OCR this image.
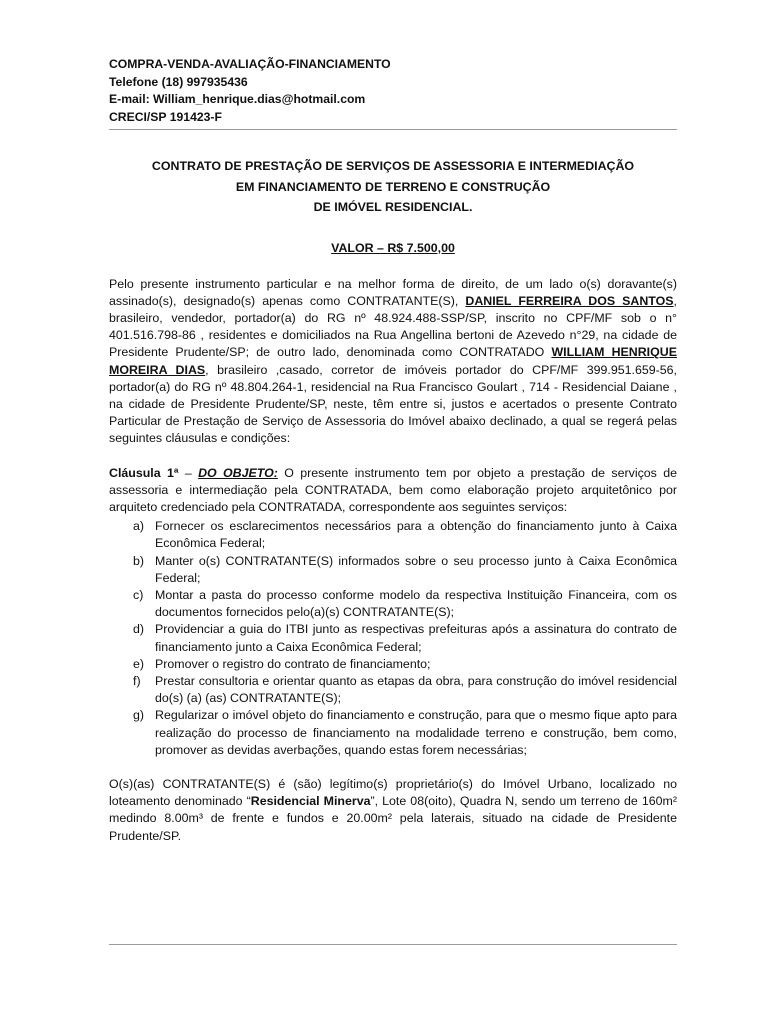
COMPRA-VENDA-AVALIAÇÃO-FINANCIAMENTO
Telefone (18) 997935436
E-mail: William_henrique.dias@hotmail.com
CRECI/SP 191423-F
CONTRATO DE PRESTAÇÃO DE SERVIÇOS DE ASSESSORIA E INTERMEDIAÇÃO
EM FINANCIAMENTO DE TERRENO E CONSTRUÇÃO
DE IMÓVEL RESIDENCIAL.
VALOR – R$ 7.500,00

Pelo presente instrumento particular e na melhor forma de direito, de um lado o(s) doravante(s) assinado(s), designado(s) apenas como CONTRATANTE(S), DANIEL FERREIRA DOS SANTOS, brasileiro, vendedor, portador(a) do RG nº 48.924.488-SSP/SP, inscrito no CPF/MF sob o n° 401.516.798-86 , residentes e domiciliados na Rua Angellina bertoni de Azevedo n°29, na cidade de Presidente Prudente/SP; de outro lado, denominada como CONTRATADO WILLIAM HENRIQUE MOREIRA DIAS, brasileiro ,casado, corretor de imóveis portador do CPF/MF 399.951.659-56, portador(a) do RG nº 48.804.264-1, residencial na Rua Francisco Goulart , 714 - Residencial Daiane , na cidade de Presidente Prudente/SP, neste, têm entre si, justos e acertados o presente Contrato Particular de Prestação de Serviço de Assessoria do Imóvel abaixo declinado, a qual se regerá pelas seguintes cláusulas e condições:

Cláusula 1ª – DO OBJETO: O presente instrumento tem por objeto a prestação de serviços de assessoria e intermediação pela CONTRATADA, bem como elaboração projeto arquitetônico por arquiteto credenciado pela CONTRATADA, correspondente aos seguintes serviços:

a) Fornecer os esclarecimentos necessários para a obtenção do financiamento junto à Caixa Econômica Federal;
b) Manter o(s) CONTRATANTE(S) informados sobre o seu processo junto à Caixa Econômica Federal;
c) Montar a pasta do processo conforme modelo da respectiva Instituição Financeira, com os documentos fornecidos pelo(a)(s) CONTRATANTE(S);
d) Providenciar a guia do ITBI junto as respectivas prefeituras após a assinatura do contrato de financiamento junto a Caixa Econômica Federal;
e) Promover o registro do contrato de financiamento;
f) Prestar consultoria e orientar quanto as etapas da obra, para construção do imóvel residencial do(s) (a) (as) CONTRATANTE(S);
g) Regularizar o imóvel objeto do financiamento e construção, para que o mesmo fique apto para realização do processo de financiamento na modalidade terreno e construção, bem como, promover as devidas averbações, quando estas forem necessárias;

O(s)(as) CONTRATANTE(S) é (são) legítimo(s) proprietário(s) do Imóvel Urbano, localizado no loteamento denominado “Residencial Minerva”, Lote 08(oito), Quadra N, sendo um terreno de 160m² medindo 8.00m³ de frente e fundos e 20.00m² pela laterais, situado na cidade de Presidente Prudente/SP.
